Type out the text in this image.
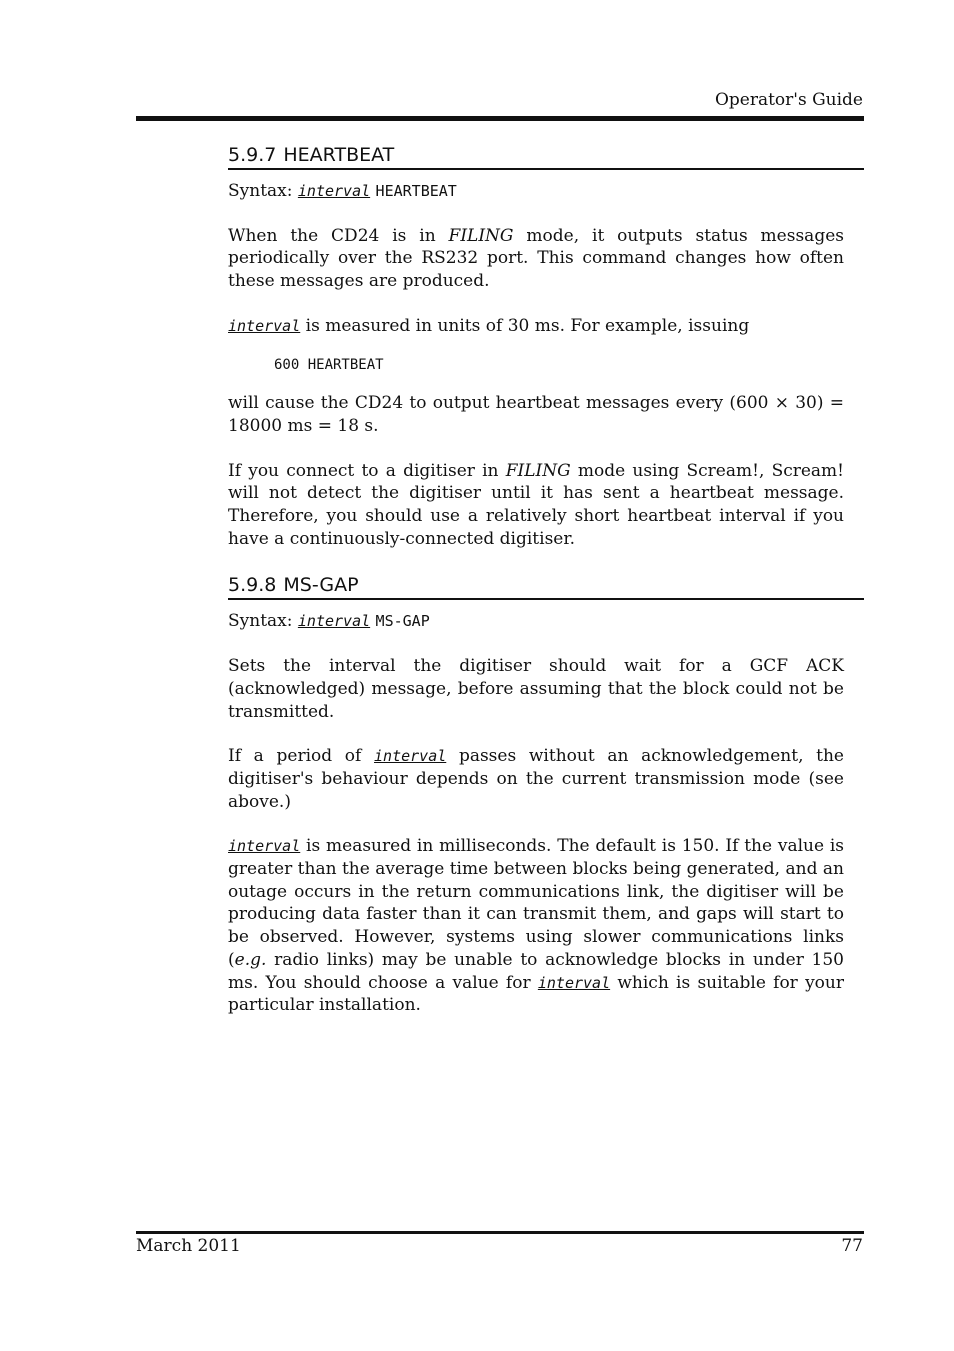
Operator's Guide
5.9.7 HEARTBEAT

Syntax: interval HEARTBEAT

When the CD24 is in FILING mode, it outputs status messages periodically over the RS232 port. This command changes how often these messages are produced.

interval is measured in units of 30 ms. For example, issuing

600 HEARTBEAT

will cause the CD24 to output heartbeat messages every (600 × 30) = 18000 ms = 18 s.

If you connect to a digitiser in FILING mode using Scream!, Scream! will not detect the digitiser until it has sent a heartbeat message. Therefore, you should use a relatively short heartbeat interval if you have a continuously-connected digitiser.

5.9.8 MS-GAP

Syntax: interval MS-GAP

Sets the interval the digitiser should wait for a GCF ACK (acknowledged) message, before assuming that the block could not be transmitted.

If a period of interval passes without an acknowledgement, the digitiser's behaviour depends on the current transmission mode (see above.)

interval is measured in milliseconds. The default is 150. If the value is greater than the average time between blocks being generated, and an outage occurs in the return communications link, the digitiser will be producing data faster than it can transmit them, and gaps will start to be observed. However, systems using slower communications links (e.g. radio links) may be unable to acknowledge blocks in under 150 ms. You should choose a value for interval which is suitable for your particular installation.

March 2011	77
